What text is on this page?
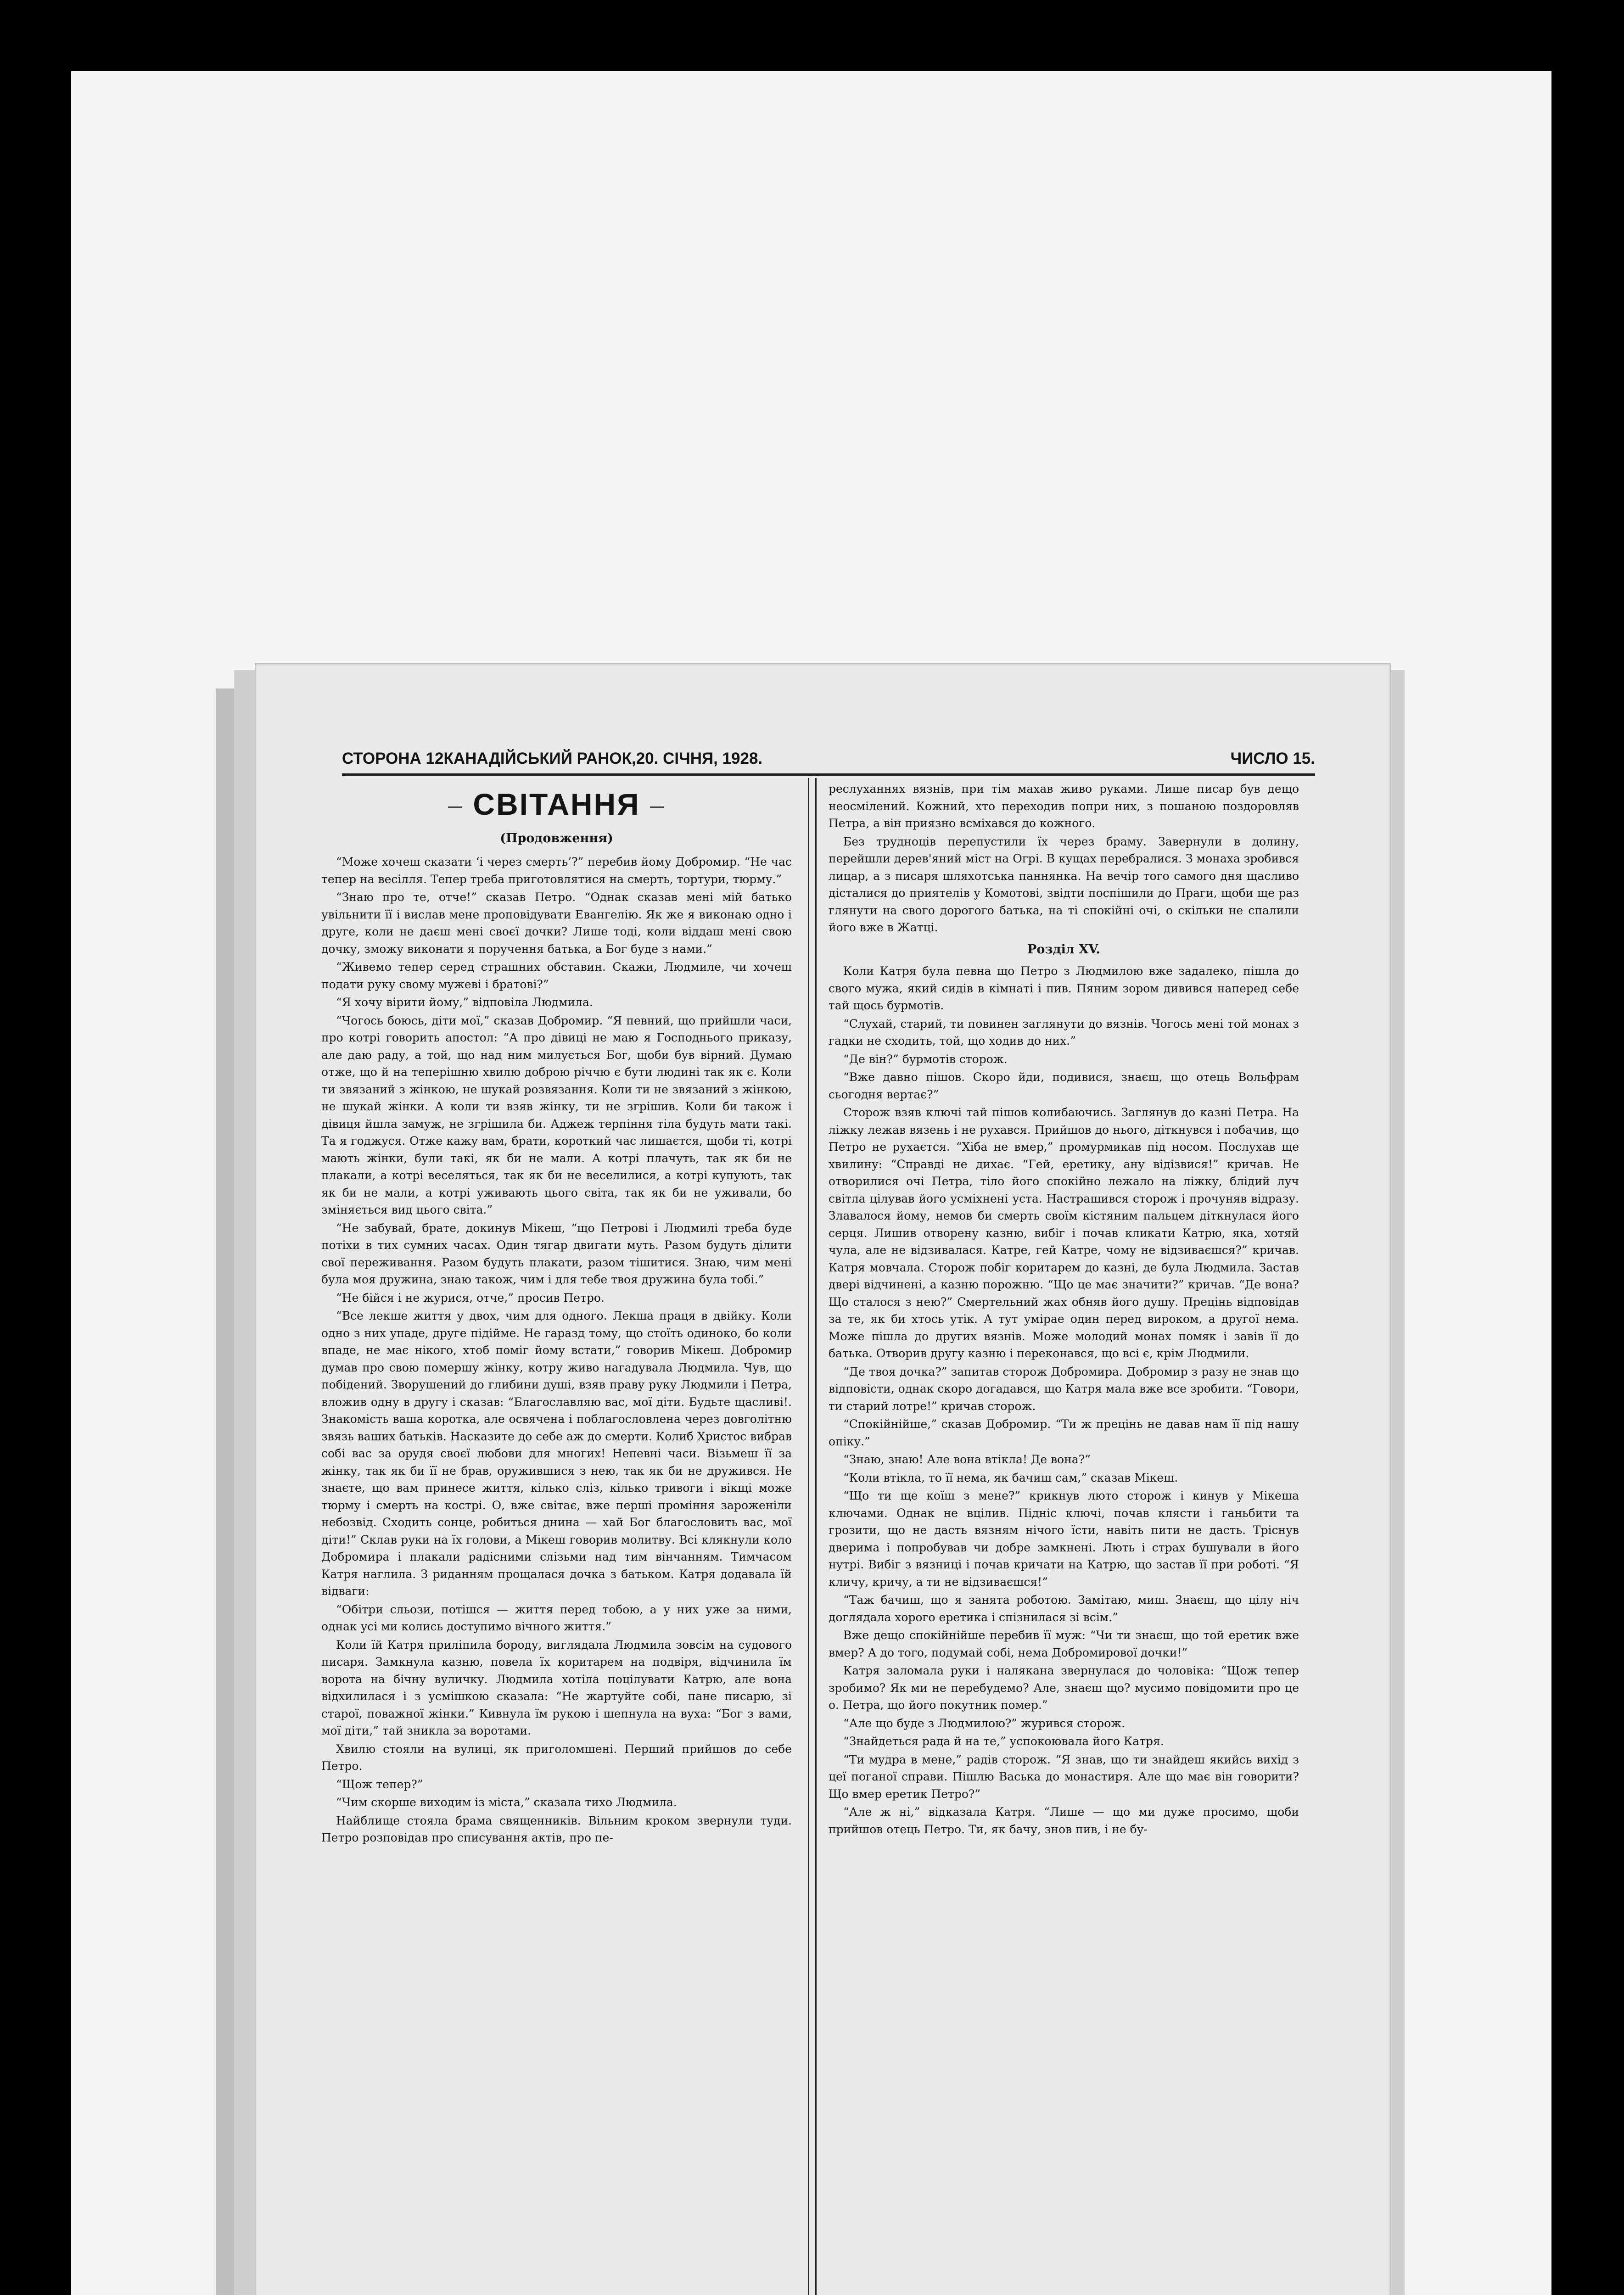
СТОРОНА 12 КАНАДІЙСЬКИЙ РАНОК, 20. СІЧНЯ, 1928.	ЧИСЛО 15.
— СВІТАННЯ —
(Продовження)

“Може хочеш сказати ‘і через смерть’?” перебив йому Добромир. “Не час тепер на весілля. Тепер треба приготовлятися на смерть, тортури, тюрму.”

“Знаю про те, отче!” сказав Петро. “Однак сказав мені мій батько увільнити її і вислав мене проповідувати Евангелію. Як же я виконаю одно і друге, коли не даєш мені своєї дочки? Лише тоді, коли віддаш мені свою дочку, зможу виконати я поручення батька, а Бог буде з нами.”

“Живемо тепер серед страшних обставин. Скажи, Людмиле, чи хочеш подати руку свому мужеві і братові?”

“Я хочу вірити йому,” відповіла Людмила.

“Чогось боюсь, діти мої,” сказав Добромир. “Я певний, що прийшли часи, про котрі говорить апостол: “А про дівиці не маю я Господнього приказу, але даю раду, а той, що над ним милується Бог, щоби був вірний. Думаю отже, що й на теперішню хвилю доброю річчю є бути людині так як є. Коли ти звязаний з жінкою, не шукай розвязання. Коли ти не звязаний з жінкою, не шукай жінки. А коли ти взяв жінку, ти не згрішив. Коли би також і дівиця йшла замуж, не згрішила би. Аджеж терпіння тіла будуть мати такі. Та я годжуся. Отже кажу вам, брати, короткий час лишаєтся, щоби ті, котрі мають жінки, були такі, як би не мали. А котрі плачуть, так як би не плакали, а котрі веселяться, так як би не веселилися, а котрі купують, так як би не мали, а котрі уживають цього світа, так як би не уживали, бо зміняється вид цього світа.”

“Не забувай, брате, докинув Мікеш, “що Петрові і Людмилі треба буде потіхи в тих сумних часах. Один тягар двигати муть. Разом будуть ділити свої переживання. Разом будуть плакати, разом тішитися. Знаю, чим мені була моя дружина, знаю також, чим і для тебе твоя дружина була тобі.”

“Не бійся і не журися, отче,” просив Петро.

“Все лекше життя у двох, чим для одного. Лекша праця в двійку. Коли одно з них упаде, друге підійме. Не гаразд тому, що стоїть одиноко, бо коли впаде, не має нікого, хтоб поміг йому встати,” говорив Мікеш. Добромир думав про свою помершу жінку, котру живо нагадувала Людмила. Чув, що побідений. Зворушений до глибини душі, взяв праву руку Людмили і Петра, вложив одну в другу і сказав: “Благославляю вас, мої діти. Будьте щасливі!. Знакомість ваша коротка, але освячена і поблагословлена через довголітню звязь ваших батьків. Насказите до себе аж до смерти. Колиб Христос вибрав собі вас за орудя своєї любови для многих! Непевні часи. Візьмеш її за жінку, так як би її не брав, оружившися з нею, так як би не дружився. Не знаєте, що вам принесе життя, кілько сліз, кілько тривоги і вікщі може тюрму і смерть на кострі. О, вже світає, вже перші проміння зароженіли небозвід. Сходить сонце, робиться днина — хай Бог благословить вас, мої діти!” Склав руки на їх голови, а Мікеш говорив молитву. Всі клякнули коло Добромира і плакали радісними слізьми над тим вінчанням. Тимчасом Катря наглила. З риданням прощалася дочка з батьком. Катря додавала їй відваги:

“Обітри сльози, потішся — життя перед тобою, а у них уже за ними, однак усі ми колись доступимо вічного життя.”

Коли їй Катря приліпила бороду, виглядала Людмила зовсім на судового писаря. Замкнула казню, повела їх коритарем на подвіря, відчинила їм ворота на бічну вуличку. Людмила хотіла поцілувати Катрю, але вона відхилилася і з усмішкою сказала: “Не жартуйте собі, пане писарю, зі старої, поважної жінки.” Кивнула їм рукою і шепнула на вуха: “Бог з вами, мої діти,” тай зникла за воротами.

Хвилю стояли на вулиці, як приголомшені. Перший прийшов до себе Петро.

“Щож тепер?”

“Чим скорше виходим із міста,” сказала тихо Людмила.

Найблище стояла брама священників. Вільним кроком звернули туди. Петро розповідав про списування актів, про пе-

реслуханнях вязнів, при тім махав живо руками. Лише писар був дещо неосмілений. Кожний, хто переходив попри них, з пошаною поздоровляв Петра, а він приязно всміхався до кожного.

Без трудноців перепустили їх через браму. Завернули в долину, перейшли дерев'яний міст на Огрі. В кущах перебралися. З монаха зробився лицар, а з писаря шляхотська паннянка. На вечір того самого дня щасливо дісталися до приятелів у Комотові, звідти поспішили до Праги, щоби ще раз глянути на свого дорогого батька, на ті спокійні очі, о скільки не спалили його вже в Жатці.

Розділ XV.

Коли Катря була певна що Петро з Людмилою вже задалеко, пішла до свого мужа, який сидів в кімнаті і пив. Пяним зором дивився наперед себе тай щось бурмотів.

“Слухай, старий, ти повинен заглянути до вязнів. Чогось мені той монах з гадки не сходить, той, що ходив до них.”

“Де він?” бурмотів сторож.

“Вже давно пішов. Скоро йди, подивися, знаєш, що отець Вольфрам сьогодня вертає?”

Сторож взяв ключі тай пішов колибаючись. Заглянув до казні Петра. На ліжку лежав вязень і не рухався. Прийшов до нього, діткнувся і побачив, що Петро не рухаєтся. “Хіба не вмер,” промурмикав під носом. Послухав ще хвилину: “Справді не дихає. “Гей, еретику, ану відізвися!” кричав. Не отворилися очі Петра, тіло його спокійно лежало на ліжку, блідий луч світла цілував його усміхнені уста. Настрашився сторож і прочуняв відразу. Злавалося йому, немов би смерть своїм кістяним пальцем діткнулася його серця. Лишив отворену казню, вибіг і почав кликати Катрю, яка, хотяй чула, але не відзивалася. Катре, гей Катре, чому не відзиваєшся?” кричав. Катря мовчала. Сторож побіг коритарем до казні, де була Людмила. Застав двері відчинені, а казню порожню. “Що це має значити?” кричав. “Де вона? Що сталося з нею?” Смертельний жах обняв його душу. Прецінь відповідав за те, як би хтось утік. А тут уміраe один перед вироком, а другої нема. Може пішла до других вязнів. Може молодий монах помяк і завів її до батька. Отворив другу казню і переконався, що всі є, крім Людмили.

“Де твоя дочка?” запитав сторож Добромира. Добромир з разу не знав що відповісти, однак скоро догадався, що Катря мала вже все зробити. “Говори, ти старий лотре!” кричав сторож.

“Спокійнійше,” сказав Добромир. “Ти ж прецінь не давав нам її під нашу опіку.”

“Знаю, знаю! Але вона втікла! Де вона?”

“Коли втікла, то її нема, як бачиш сам,” сказав Мікеш.

“Що ти ще коїш з мене?” крикнув люто сторож і кинув у Мікеша ключами. Однак не вцілив. Підніс ключі, почав клясти і ганьбити та грозити, що не дасть вязням нічого їсти, навіть пити не дасть. Тріснув дверима і попробував чи добре замкнені. Лють і страх бушували в його нутрі. Вибіг з вязниці і почав кричати на Катрю, що застав її при роботі. “Я кличу, кричу, а ти не відзиваєшся!”

“Таж бачиш, що я занята роботою. Замітаю, миш. Знаєш, що цілу ніч доглядала хорого еретика і спізнилася зі всім.”

Вже дещо спокійнійше перебив її муж: “Чи ти знаєш, що той еретик вже вмер? А до того, подумай собі, нема Добромирової дочки!”

Катря заломала руки і налякана звернулася до чоловіка: “Щож тепер зробимо? Як ми не перебудемо? Але, знаєш що? мусимо повідомити про це о. Петра, що його покутник помер.”

“Але що буде з Людмилою?” журився сторож.

“Знайдеться рада й на те,” успокоювала його Катря.

“Ти мудра в мене,” радів сторож. “Я знав, що ти знайдеш якийсь вихід з цеї поганої справи. Пішлю Васька до монастиря. Але що має він говорити? Що вмер еретик Петро?”

“Але ж ні,” відказала Катря. “Лише — що ми дуже просимо, щоби прийшов отець Петро. Ти, як бачу, знов пив, і не бу-
